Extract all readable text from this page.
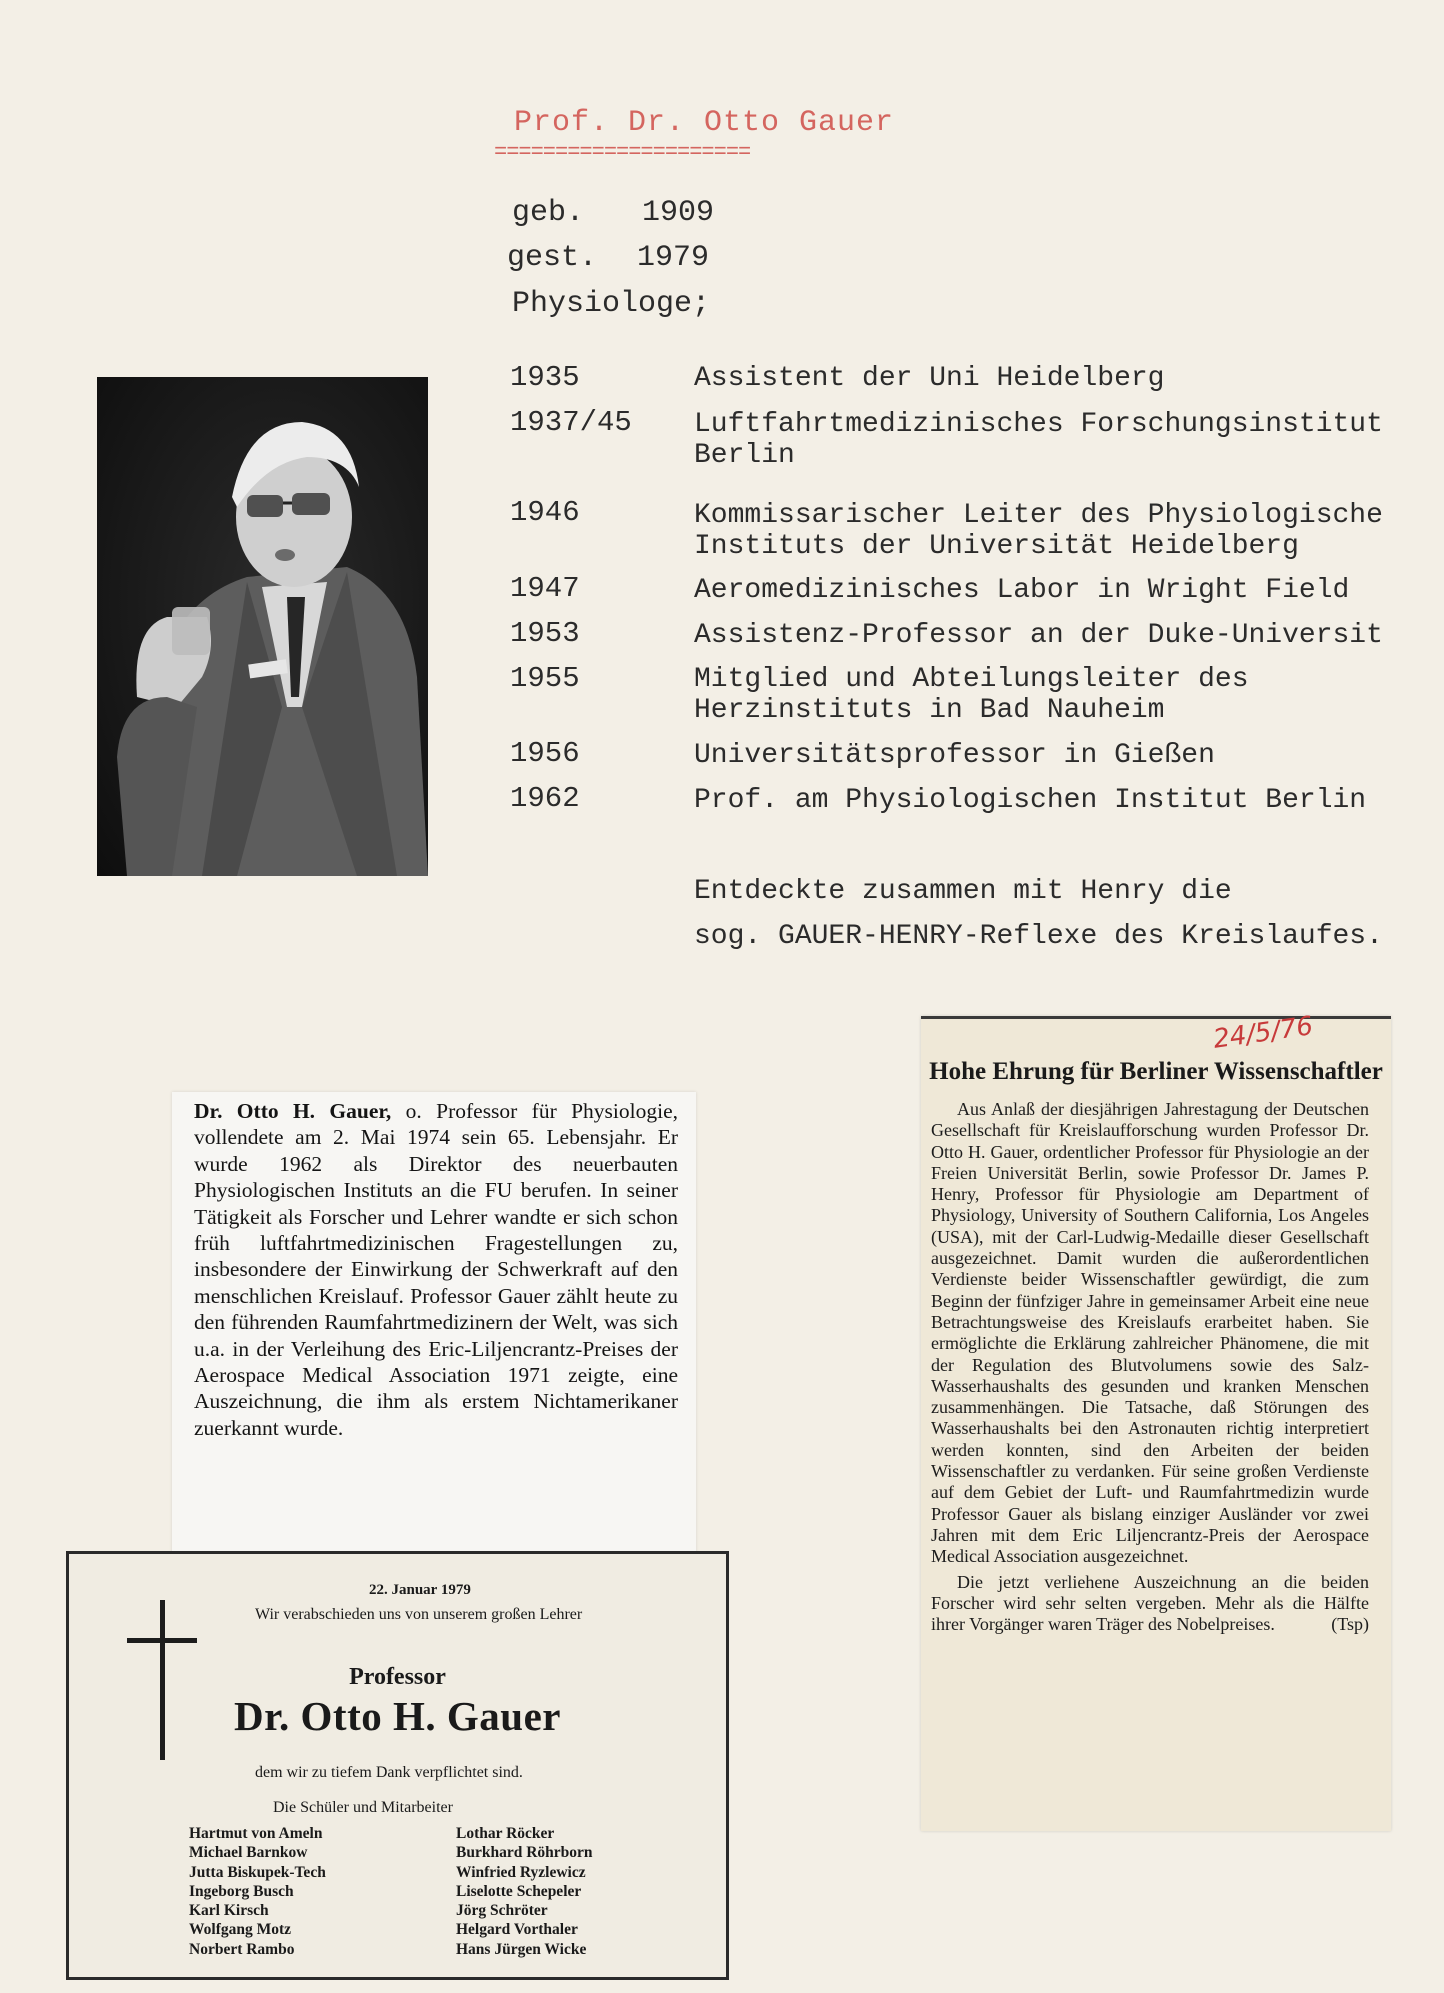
Prof. Dr. Otto Gauer
=====================
geb. 1909
gest. 1979
Physiologe;
1935	Assistent der Uni Heidelberg
1937/45 Luftfahrtmedizinisches Forschungsinstitut
Berlin
1946	Kommissarischer Leiter des Physiologische
Instituts der Universität Heidelberg
1947	Aeromedizinisches Labor in Wright Field
1953	Assistenz-Professor an der Duke-Universit
1955	Mitglied und Abteilungsleiter des
Herzinstituts in Bad Nauheim
1956	Universitätsprofessor in Gießen
1962	Prof. am Physiologischen Institut Berlin
Entdeckte zusammen mit Henry die
sog. GAUER-HENRY-Reflexe des Kreislaufes.

Dr. Otto H. Gauer, o. Professor für Physiologie, vollendete am 2. Mai 1974 sein 65. Lebensjahr. Er wurde 1962 als Direktor des neuerbauten Physiologischen Instituts an die FU berufen. In seiner Tätigkeit als Forscher und Lehrer wandte er sich schon früh luftfahrtmedizinischen Fragestellungen zu, insbesondere der Einwirkung der Schwerkraft auf den menschlichen Kreislauf. Professor Gauer zählt heute zu den führenden Raumfahrtmedizinern der Welt, was sich u.a. in der Verleihung des Eric-Liljencrantz-Preises der Aerospace Medical Association 1971 zeigte, eine Auszeichnung, die ihm als erstem Nichtamerikaner zuerkannt wurde.

22. Januar 1979
Wir verabschieden uns von unserem großen Lehrer
Professor
Dr. Otto H. Gauer
dem wir zu tiefem Dank verpflichtet sind.
Die Schüler und Mitarbeiter
Hartmut von Ameln
Michael Barnkow
Jutta Biskupek-Tech
Ingeborg Busch
Karl Kirsch
Wolfgang Motz
Norbert Rambo
Lothar Röcker
Burkhard Röhrborn
Winfried Ryzlewicz
Liselotte Schepeler
Jörg Schröter
Helgard Vorthaler
Hans Jürgen Wicke
Hohe Ehrung für Berliner Wissenschaftler

Aus Anlaß der diesjährigen Jahrestagung der Deutschen Gesellschaft für Kreislaufforschung wurden Professor Dr. Otto H. Gauer, ordentlicher Professor für Physiologie an der Freien Universität Berlin, sowie Professor Dr. James P. Henry, Professor für Physiologie am Department of Physiology, University of Southern California, Los Angeles (USA), mit der Carl-Ludwig-Medaille dieser Gesellschaft ausgezeichnet. Damit wurden die außerordentlichen Verdienste beider Wissenschaftler gewürdigt, die zum Beginn der fünfziger Jahre in gemeinsamer Arbeit eine neue Betrachtungsweise des Kreislaufs erarbeitet haben. Sie ermöglichte die Erklärung zahlreicher Phänomene, die mit der Regulation des Blutvolumens sowie des Salz-Wasserhaushalts des gesunden und kranken Menschen zusammenhängen. Die Tatsache, daß Störungen des Wasserhaushalts bei den Astronauten richtig interpretiert werden konnten, sind den Arbeiten der beiden Wissenschaftler zu verdanken. Für seine großen Verdienste auf dem Gebiet der Luft- und Raumfahrtmedizin wurde Professor Gauer als bislang einziger Ausländer vor zwei Jahren mit dem Eric Liljencrantz-Preis der Aerospace Medical Association ausgezeichnet.

Die jetzt verliehene Auszeichnung an die beiden Forscher wird sehr selten vergeben. Mehr als die Hälfte ihrer Vorgänger waren Träger des Nobelpreises.	(Tsp)

24/5/76
